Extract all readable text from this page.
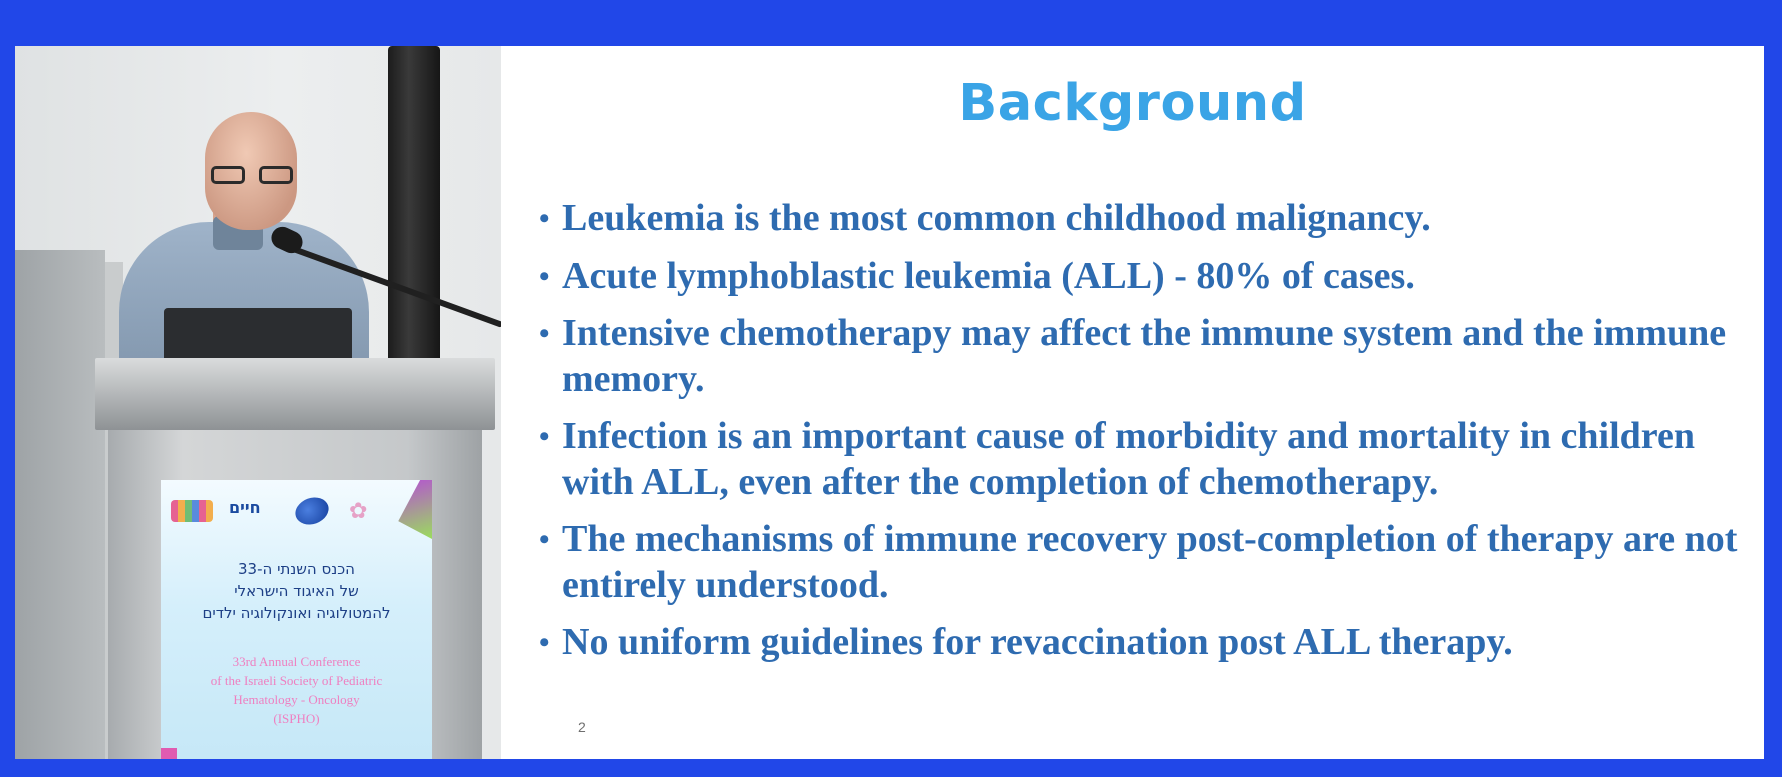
חיים	✿
הכנס השנתי ה-33
של האיגוד הישראלי
להמטולוגיה ואונקולוגיה ילדים
33rd Annual Conference
of the Israeli Society of Pediatric
Hematology - Oncology
(ISPHO)
Background
• Leukemia is the most common childhood malignancy.
• Acute lymphoblastic leukemia (ALL) - 80% of cases.
• Intensive chemotherapy may affect the immune system and the immune memory.
• Infection is an important cause of morbidity and mortality in children with ALL, even after the completion of chemotherapy.
• The mechanisms of immune recovery post-completion of therapy are not entirely understood.
• No uniform guidelines for revaccination post ALL therapy.
2
